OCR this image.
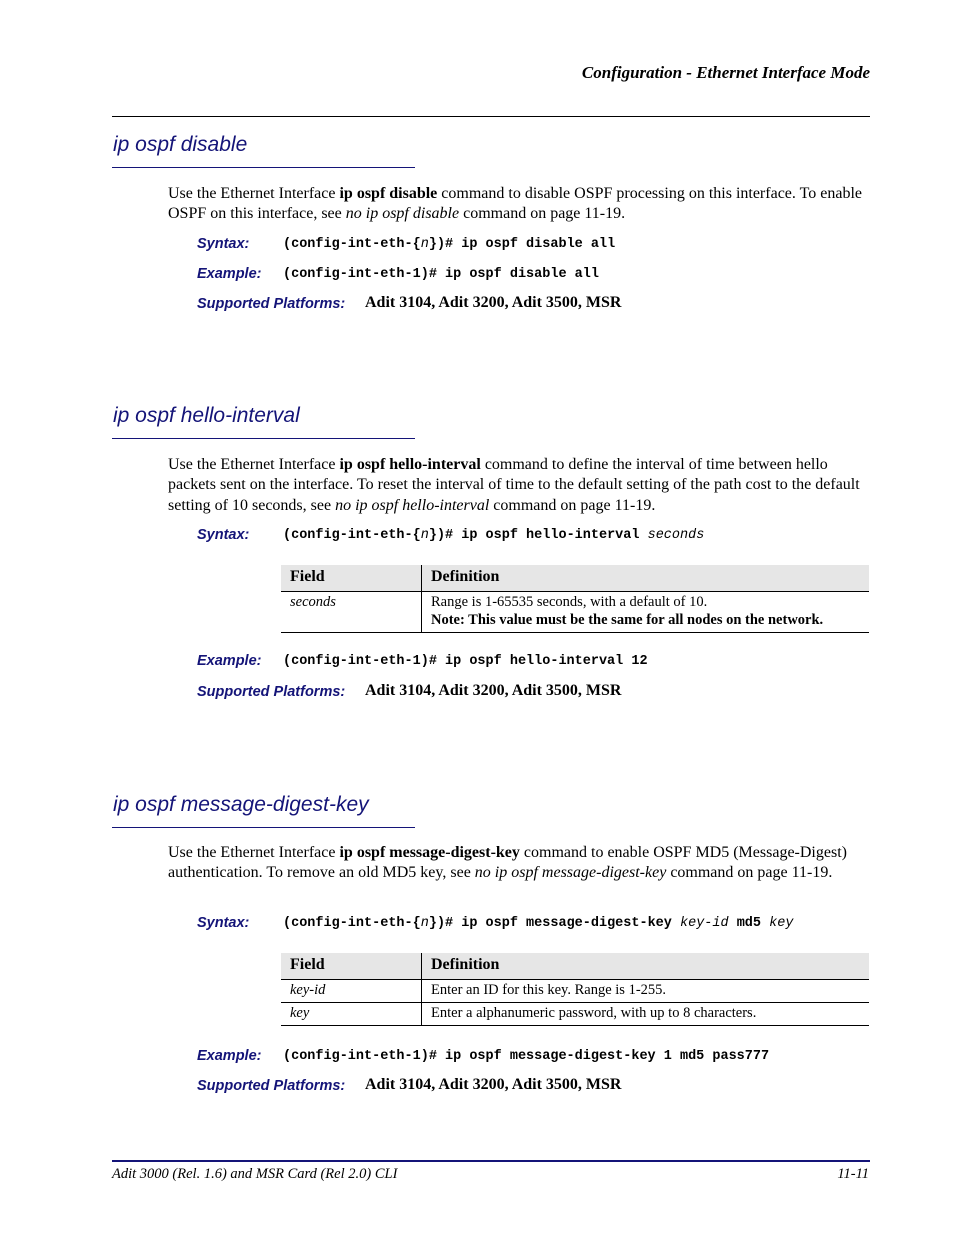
Configuration - Ethernet Interface Mode
ip ospf disable
Use the Ethernet Interface ip ospf disable command to disable OSPF processing on this interface. To enable OSPF on this interface, see no ip ospf disable command on page 11-19.
Syntax: (config-int-eth-{n})# ip ospf disable all
Example: (config-int-eth-1)# ip ospf disable all
Supported Platforms: Adit 3104, Adit 3200, Adit 3500, MSR
ip ospf hello-interval
Use the Ethernet Interface ip ospf hello-interval command to define the interval of time between hello packets sent on the interface. To reset the interval of time to the default setting of the path cost to the default setting of 10 seconds, see no ip ospf hello-interval command on page 11-19.
Syntax: (config-int-eth-{n})# ip ospf hello-interval seconds
Field	Definition
seconds	Range is 1-65535 seconds, with a default of 10.
Note: This value must be the same for all nodes on the network.
Example: (config-int-eth-1)# ip ospf hello-interval 12
Supported Platforms: Adit 3104, Adit 3200, Adit 3500, MSR
ip ospf message-digest-key
Use the Ethernet Interface ip ospf message-digest-key command to enable OSPF MD5 (Message-Digest) authentication. To remove an old MD5 key, see no ip ospf message-digest-key command on page 11-19.
Syntax: (config-int-eth-{n})# ip ospf message-digest-key key-id md5 key
Field	Definition
key-id	Enter an ID for this key. Range is 1-255.
key	Enter a alphanumeric password, with up to 8 characters.
Example: (config-int-eth-1)# ip ospf message-digest-key 1 md5 pass777
Supported Platforms: Adit 3104, Adit 3200, Adit 3500, MSR
Adit 3000 (Rel. 1.6) and MSR Card (Rel 2.0) CLI	11-11
